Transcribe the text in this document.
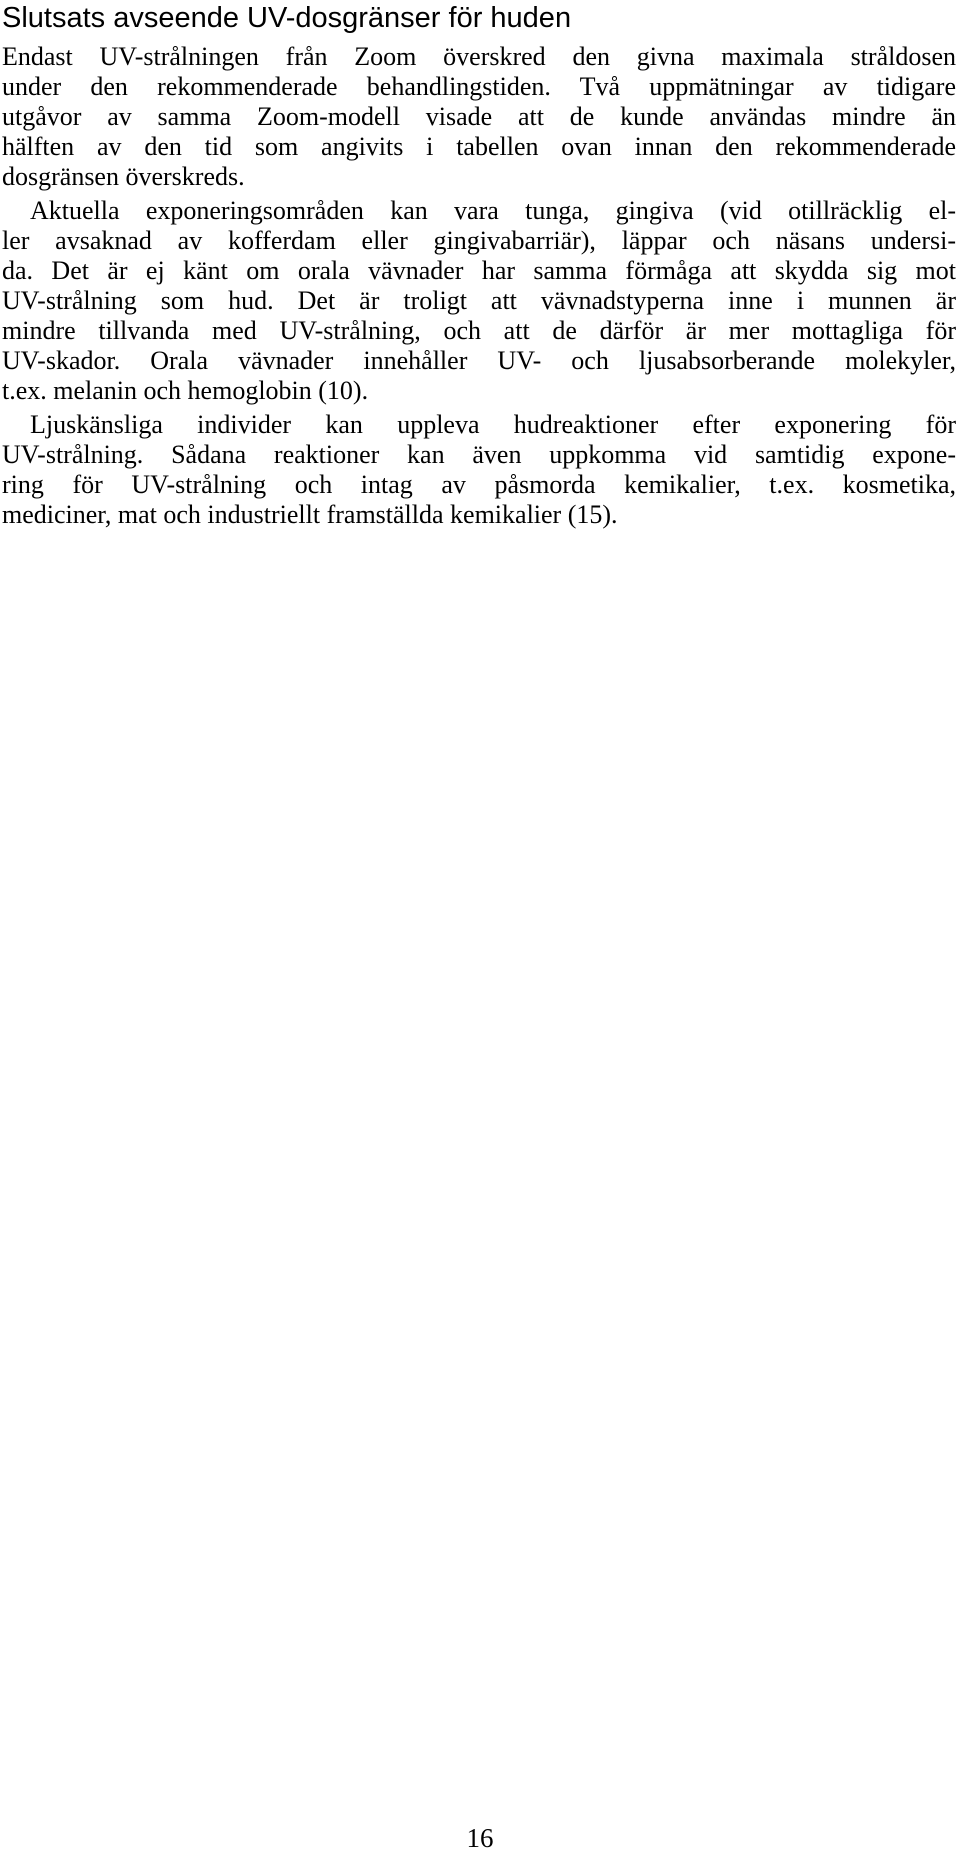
Slutsats avseende UV-dosgränser för huden
Endast UV-strålningen från Zoom överskred den givna maximala stråldosen
under den rekommenderade behandlingstiden. Två uppmätningar av tidigare
utgåvor av samma Zoom-modell visade att de kunde användas mindre än
hälften av den tid som angivits i tabellen ovan innan den rekommenderade
dosgränsen överskreds.
Aktuella exponeringsområden kan vara tunga, gingiva (vid otillräcklig el-
ler avsaknad av kofferdam eller gingivabarriär), läppar och näsans undersi-
da. Det är ej känt om orala vävnader har samma förmåga att skydda sig mot
UV-strålning som hud. Det är troligt att vävnadstyperna inne i munnen är
mindre tillvanda med UV-strålning, och att de därför är mer mottagliga för
UV-skador. Orala vävnader innehåller UV- och ljusabsorberande molekyler,
t.ex. melanin och hemoglobin (10).
Ljuskänsliga individer kan uppleva hudreaktioner efter exponering för
UV-strålning. Sådana reaktioner kan även uppkomma vid samtidig expone-
ring för UV-strålning och intag av påsmorda kemikalier, t.ex. kosmetika,
mediciner, mat och industriellt framställda kemikalier (15).
16
